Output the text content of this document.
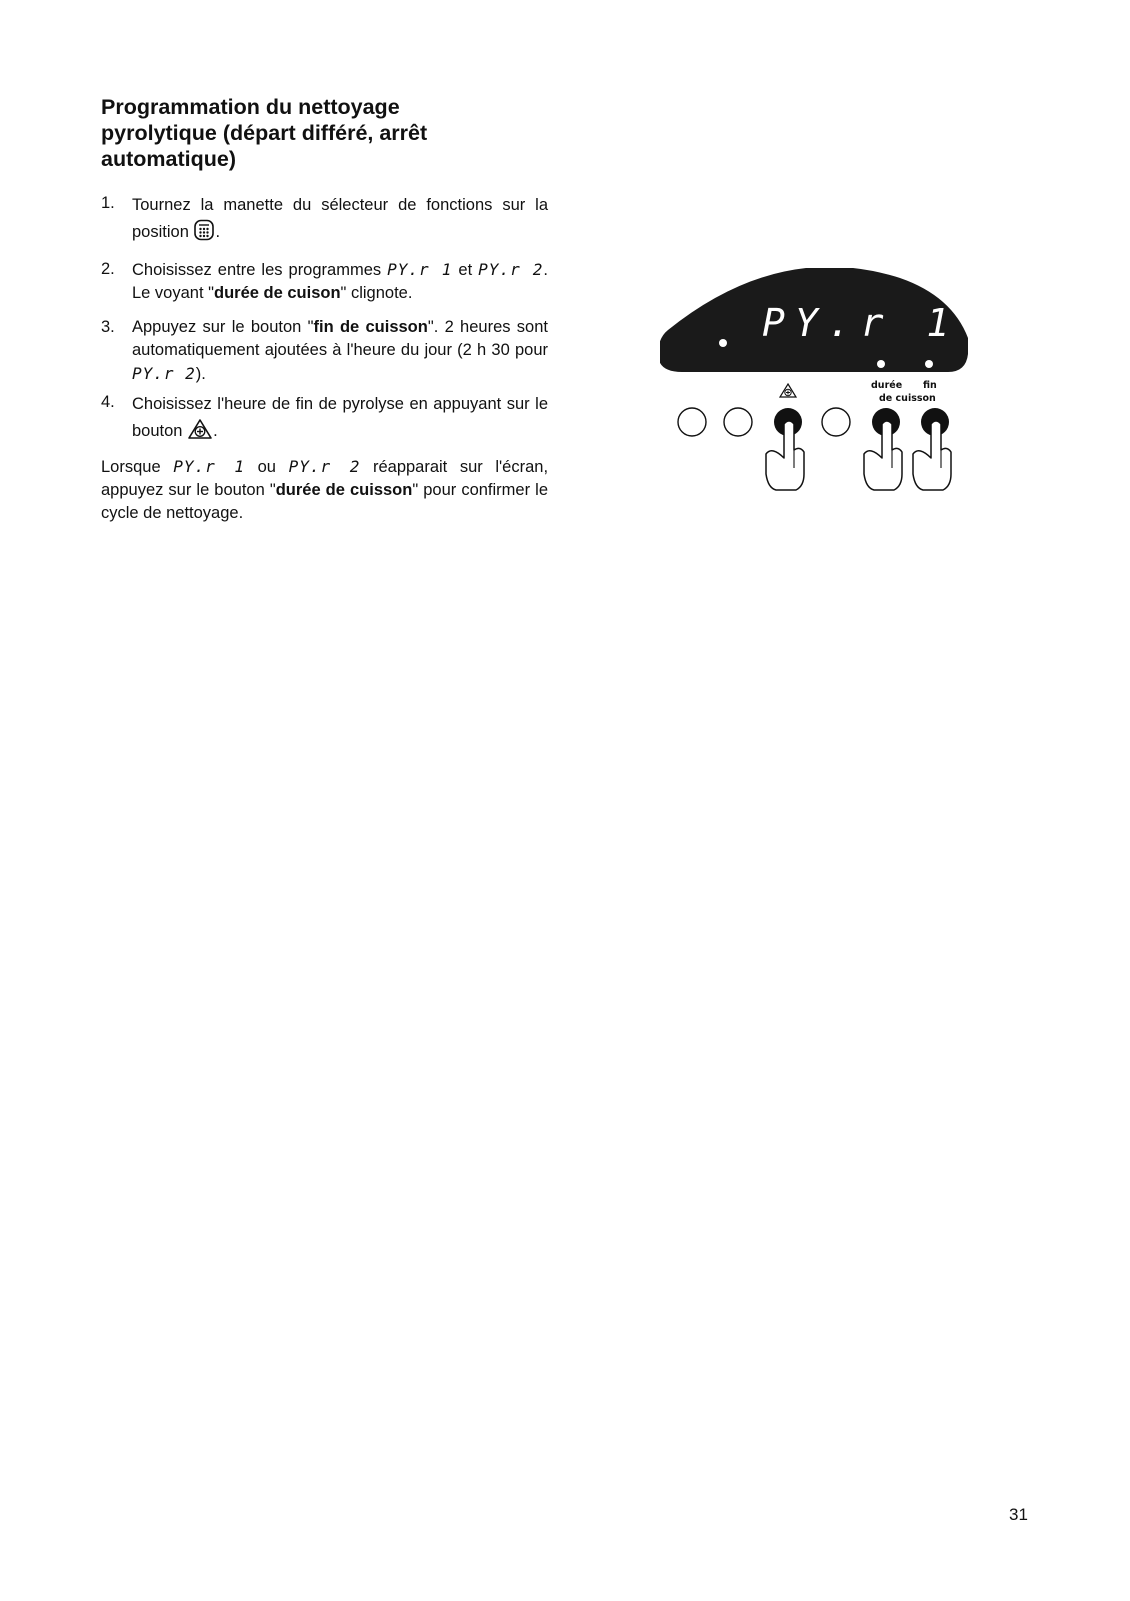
Programmation du nettoyage
pyrolytique (départ différé, arrêt
automatique)
1.	Tournez la manette du sélecteur de fonctions sur la position .
2.	Choisissez entre les programmes PY.r 1 et PY.r 2. Le voyant "durée de cuison" clignote.
3.	Appuyez sur le bouton "fin de cuisson". 2 heures sont automatiquement ajoutées à l'heure du jour (2 h 30 pour PY.r 2).
4.	Choisissez l'heure de fin de pyrolyse en appuyant sur le bouton .
Lorsque PY.r 1 ou PY.r 2 réapparait sur l'écran, appuyez sur le bouton "durée de cuisson" pour confirmer le cycle de nettoyage.
PY.r 1
durée fin
de cuisson
31
